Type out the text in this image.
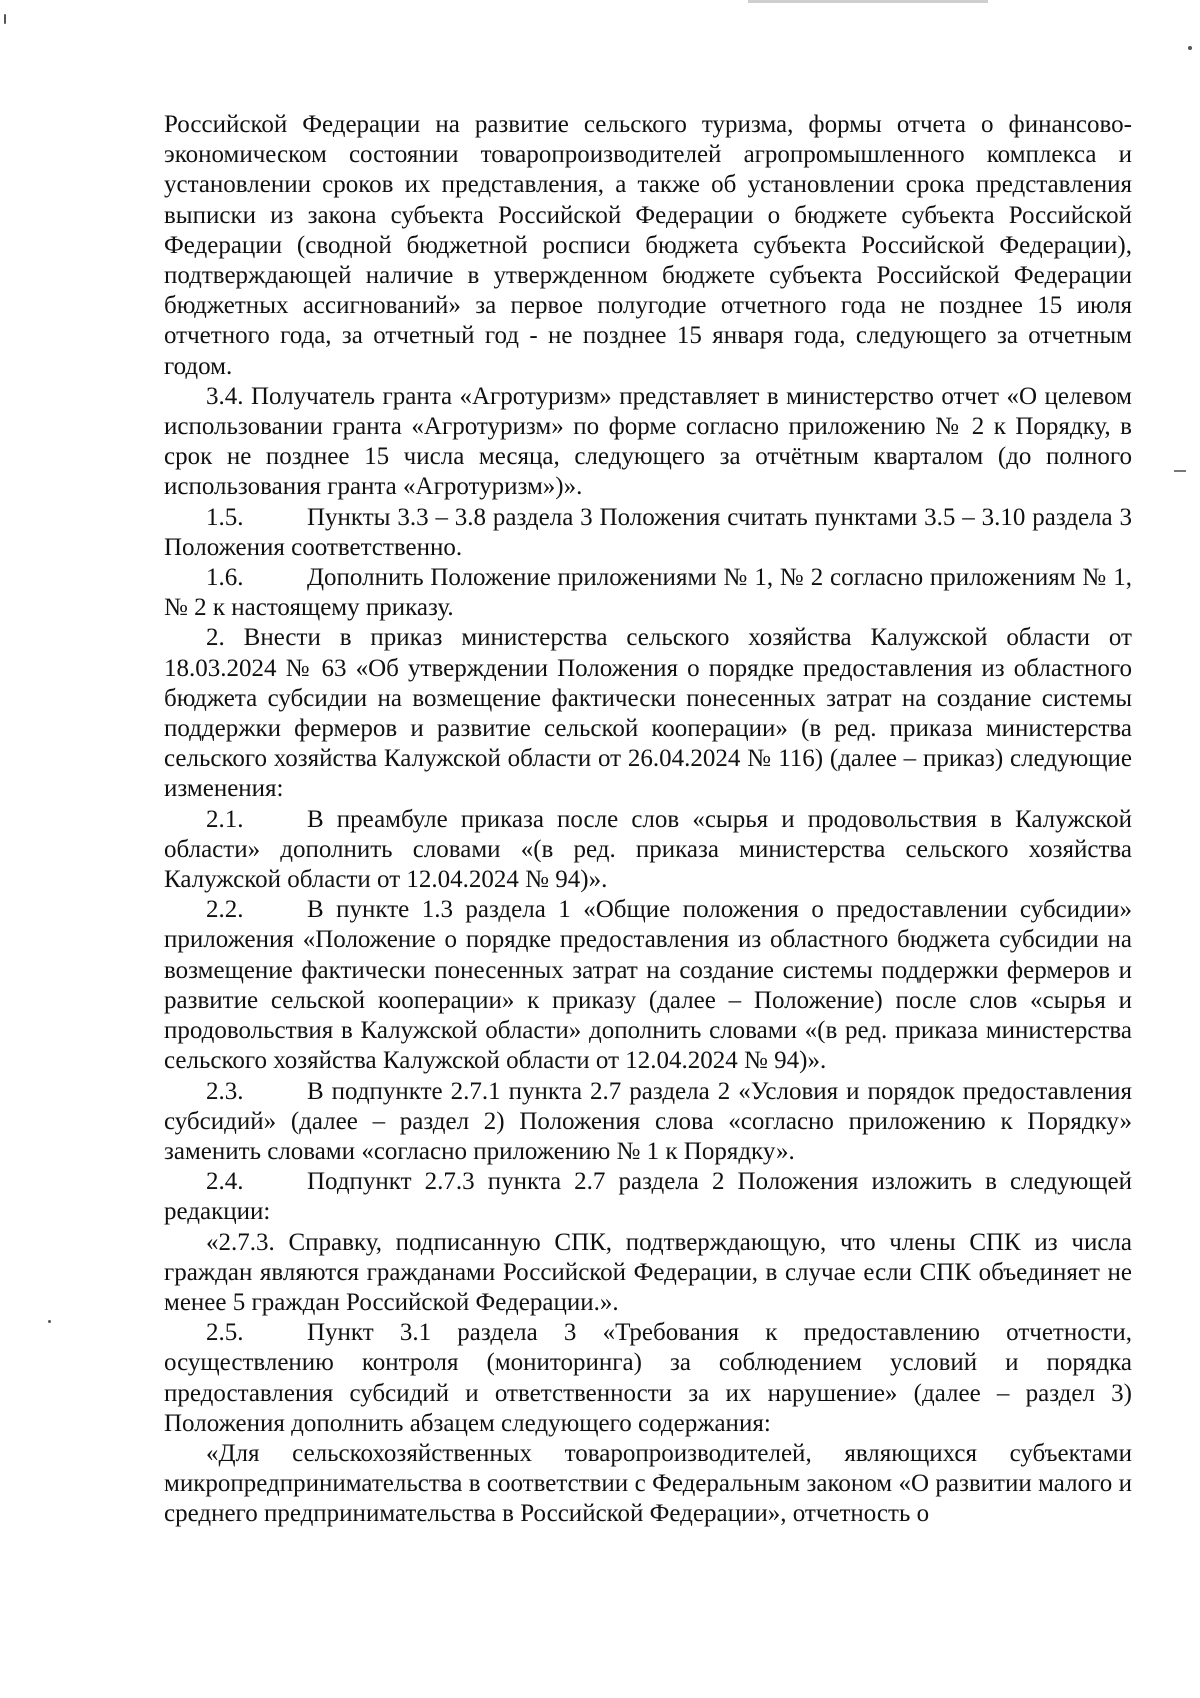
Российской Федерации на развитие сельского туризма, формы отчета о финансово-экономическом состоянии товаропроизводителей агропромышленного комплекса и установлении сроков их представления, а также об установлении срока представления выписки из закона субъекта Российской Федерации о бюджете субъекта Российской Федерации (сводной бюджетной росписи бюджета субъекта Российской Федерации), подтверждающей наличие в утвержденном бюджете субъекта Российской Федерации бюджетных ассигнований» за первое полугодие отчетного года не позднее 15 июля отчетного года, за отчетный год - не позднее 15 января года, следующего за отчетным годом.

3.4. Получатель гранта «Агротуризм» представляет в министерство отчет «О целевом использовании гранта «Агротуризм» по форме согласно приложению № 2 к Порядку, в срок не позднее 15 числа месяца, следующего за отчётным кварталом (до полного использования гранта «Агротуризм»)».

1.5.	Пункты 3.3 – 3.8 раздела 3 Положения считать пунктами 3.5 – 3.10 раздела 3 Положения соответственно.

1.6.	Дополнить Положение приложениями № 1, № 2 согласно приложениям № 1, № 2 к настоящему приказу.

2. Внести в приказ министерства сельского хозяйства Калужской области от 18.03.2024 № 63 «Об утверждении Положения о порядке предоставления из областного бюджета субсидии на возмещение фактически понесенных затрат на создание системы поддержки фермеров и развитие сельской кооперации» (в ред. приказа министерства сельского хозяйства Калужской области от 26.04.2024 № 116) (далее – приказ) следующие изменения:

2.1.	В преамбуле приказа после слов «сырья и продовольствия в Калужской области» дополнить словами «(в ред. приказа министерства сельского хозяйства Калужской области от 12.04.2024 № 94)».

2.2.	В пункте 1.3 раздела 1 «Общие положения о предоставлении субсидии» приложения «Положение о порядке предоставления из областного бюджета субсидии на возмещение фактически понесенных затрат на создание системы поддержки фермеров и развитие сельской кооперации» к приказу (далее – Положение) после слов «сырья и продовольствия в Калужской области» дополнить словами «(в ред. приказа министерства сельского хозяйства Калужской области от 12.04.2024 № 94)».

2.3.	В подпункте 2.7.1 пункта 2.7 раздела 2 «Условия и порядок предоставления субсидий» (далее – раздел 2) Положения слова «согласно приложению к Порядку» заменить словами «согласно приложению № 1 к Порядку».

2.4.	Подпункт 2.7.3 пункта 2.7 раздела 2 Положения изложить в следующей редакции:

«2.7.3. Справку, подписанную СПК, подтверждающую, что члены СПК из числа граждан являются гражданами Российской Федерации, в случае если СПК объединяет не менее 5 граждан Российской Федерации.».

2.5.	Пункт 3.1 раздела 3 «Требования к предоставлению отчетности, осуществлению контроля (мониторинга) за соблюдением условий и порядка предоставления субсидий и ответственности за их нарушение» (далее – раздел 3) Положения дополнить абзацем следующего содержания:

«Для сельскохозяйственных товаропроизводителей, являющихся субъектами микропредпринимательства в соответствии с Федеральным законом «О развитии малого и среднего предпринимательства в Российской Федерации», отчетность о
